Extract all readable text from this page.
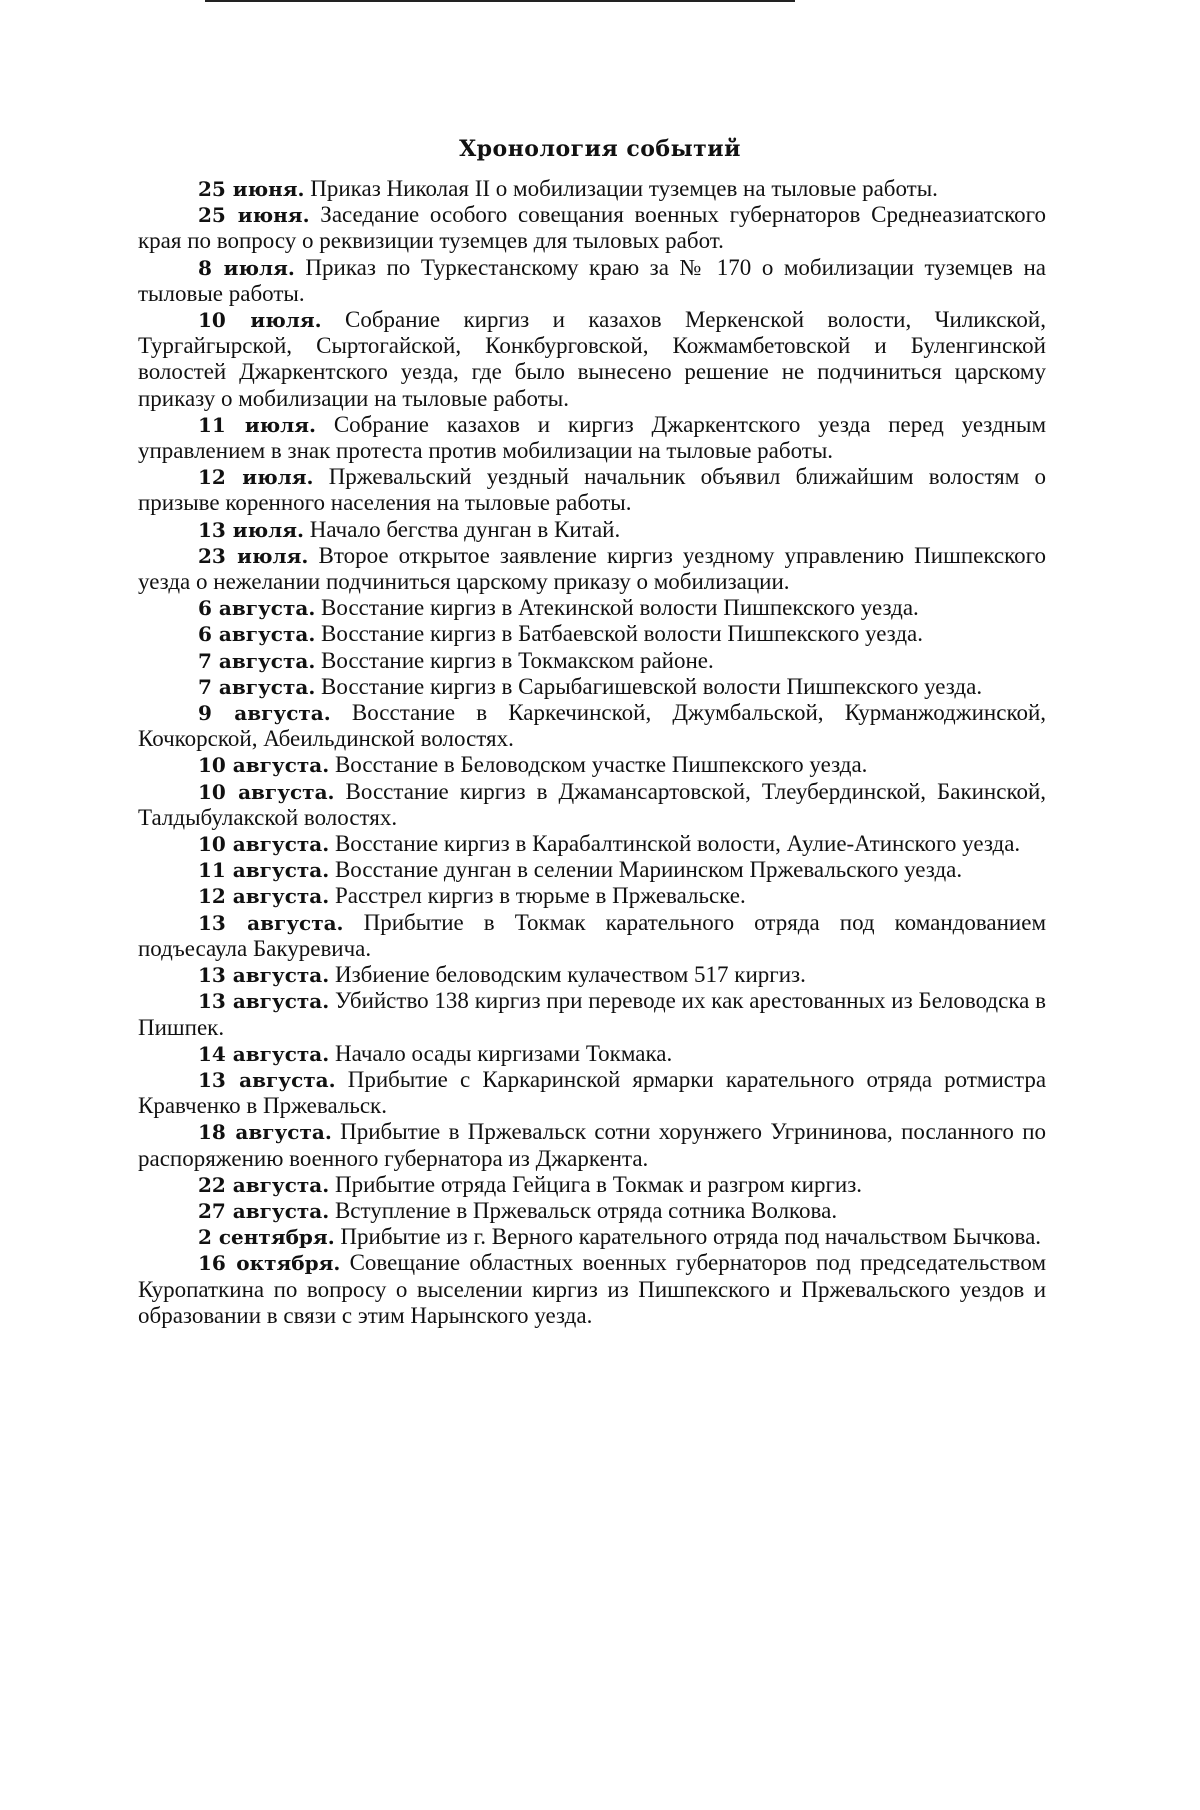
Хронология событий
25 июня. Приказ Николая II о мобилизации туземцев на тыловые работы.
25 июня. Заседание особого совещания военных губернаторов Среднеазиатского края по вопросу о реквизиции туземцев для тыловых работ.
8 июля. Приказ по Туркестанскому краю за № 170 о мобилизации туземцев на тыловые работы.
10 июля. Собрание киргиз и казахов Меркенской волости, Чиликской, Тургайгырской, Сыртогайской, Конкбурговской, Кожмамбетовской и Буленгинской волостей Джаркентского уезда, где было вынесено решение не подчиниться царскому приказу о мобилизации на тыловые работы.
11 июля. Собрание казахов и киргиз Джаркентского уезда перед уездным управлением в знак протеста против мобилизации на тыловые работы.
12 июля. Пржевальский уездный начальник объявил ближайшим волостям о призыве коренного населения на тыловые работы.
13 июля. Начало бегства дунган в Китай.
23 июля. Второе открытое заявление киргиз уездному управлению Пишпекского уезда о нежелании подчиниться царскому приказу о мобилизации.
6 августа. Восстание киргиз в Атекинской волости Пишпекского уезда.
6 августа. Восстание киргиз в Батбаевской волости Пишпекского уезда.
7 августа. Восстание киргиз в Токмакском районе.
7 августа. Восстание киргиз в Сарыбагишевской волости Пишпекского уезда.
9 августа. Восстание в Каркечинской, Джумбальской, Курманжоджинской, Кочкорской, Абеильдинской волостях.
10 августа. Восстание в Беловодском участке Пишпекского уезда.
10 августа. Восстание киргиз в Джамансартовской, Тлеубердинской, Бакинской, Талдыбулакской волостях.
10 августа. Восстание киргиз в Карабалтинской волости, Аулие-Атинского уезда.
11 августа. Восстание дунган в селении Мариинском Пржевальского уезда.
12 августа. Расстрел киргиз в тюрьме в Пржевальске.
13 августа. Прибытие в Токмак карательного отряда под командованием подъесаула Бакуревича.
13 августа. Избиение беловодским кулачеством 517 киргиз.
13 августа. Убийство 138 киргиз при переводе их как арестованных из Беловодска в Пишпек.
14 августа. Начало осады киргизами Токмака.
13 августа. Прибытие с Каркаринской ярмарки карательного отряда ротмистра Кравченко в Пржевальск.
18 августа. Прибытие в Пржевальск сотни хорунжего Угрининова, посланного по распоряжению военного губернатора из Джаркента.
22 августа. Прибытие отряда Гейцига в Токмак и разгром киргиз.
27 августа. Вступление в Пржевальск отряда сотника Волкова.
2 сентября. Прибытие из г. Верного карательного отряда под начальством Бычкова.
16 октября. Совещание областных военных губернаторов под председательством Куропаткина по вопросу о выселении киргиз из Пишпекского и Пржевальского уездов и образовании в связи с этим Нарынского уезда.
